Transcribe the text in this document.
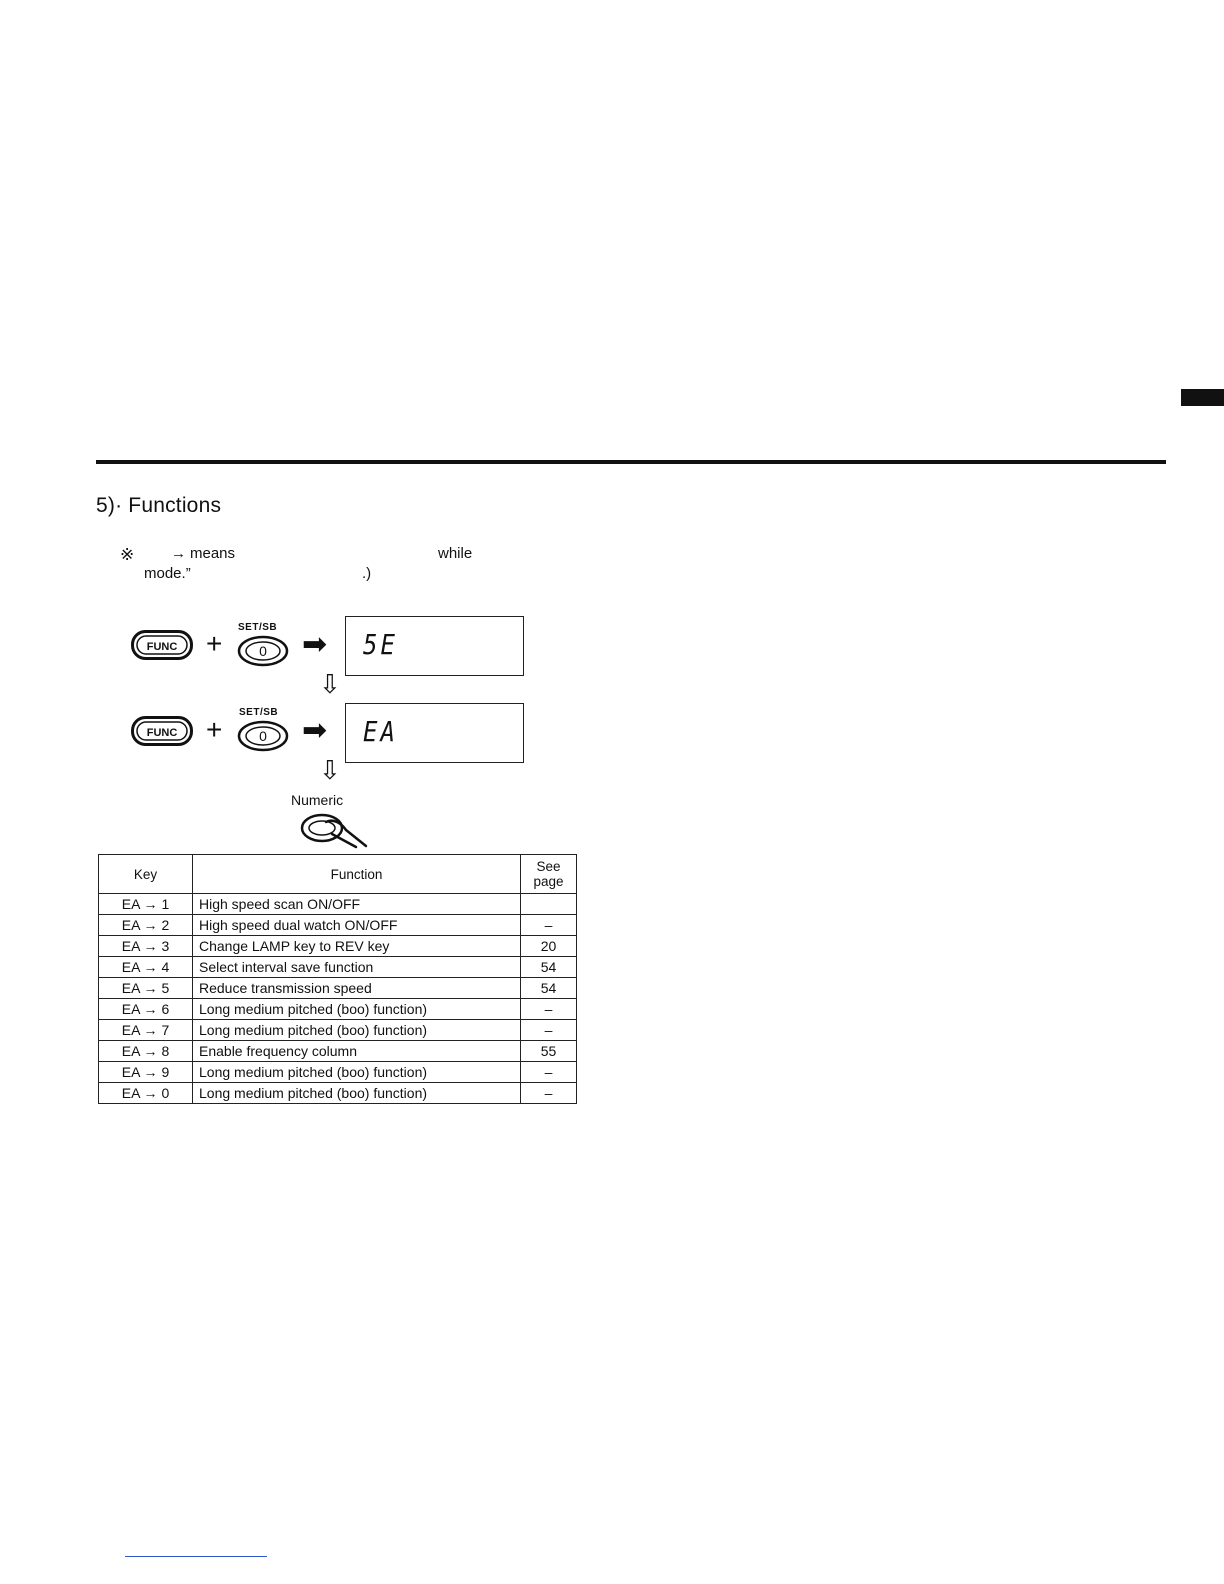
5)· Functions
※ → means	while
mode.”	.)
FUNC +
SET/SB
0 ➡ 5E
⇩
FUNC +
SET/SB
0 ➡ EA
⇩
Numeric
Key	Function	See
page
EA → 1	High speed scan ON/OFF	
EA → 2	High speed dual watch ON/OFF	–
EA → 3	Change LAMP key to REV key	20
EA → 4	Select interval save function	54
EA → 5	Reduce transmission speed	54
EA → 6	Long medium pitched (boo) function)	–
EA → 7	Long medium pitched (boo) function)	–
EA → 8	Enable frequency column	55
EA → 9	Long medium pitched (boo) function)	–
EA → 0	Long medium pitched (boo) function)	–
